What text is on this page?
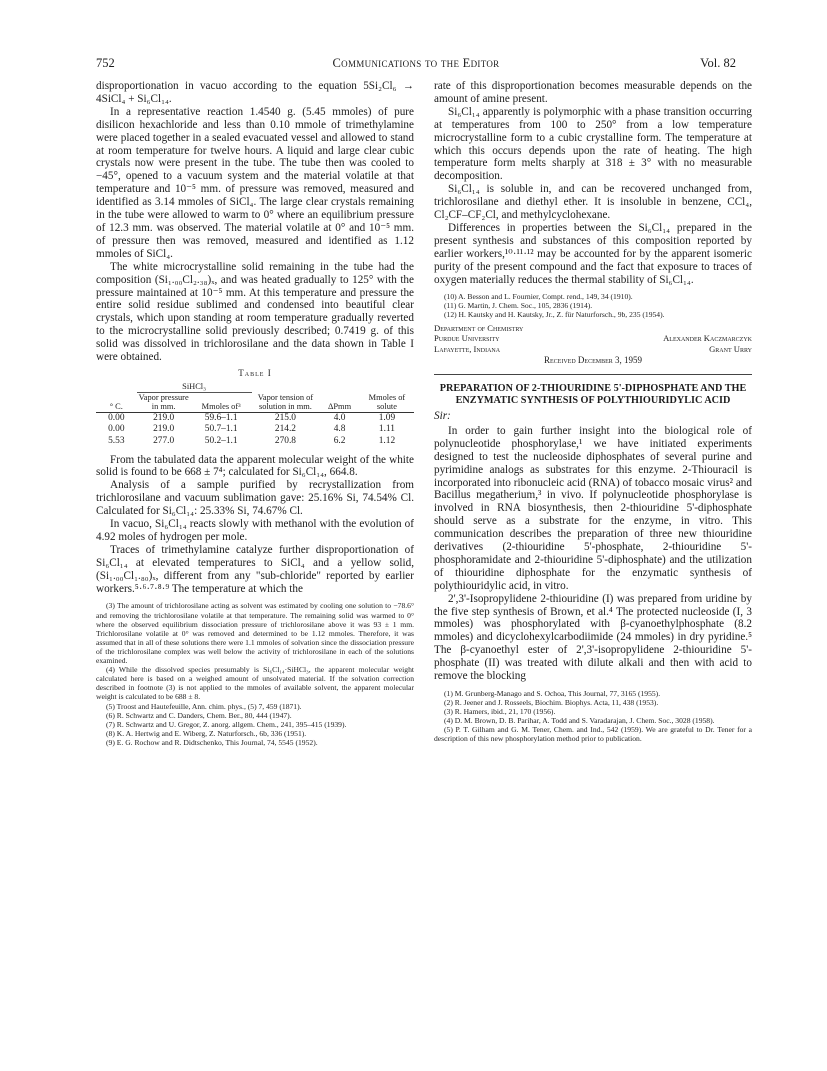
752	Communications to the Editor	Vol. 82

disproportionation in vacuo according to the equation 5Si₂Cl₆ → 4SiCl₄ + Si₆Cl₁₄.

In a representative reaction 1.4540 g. (5.45 mmoles) of pure disilicon hexachloride and less than 0.10 mmole of trimethylamine were placed together in a sealed evacuated vessel and allowed to stand at room temperature for twelve hours. A liquid and large clear cubic crystals now were present in the tube. The tube then was cooled to −45°, opened to a vacuum system and the material volatile at that temperature and 10⁻⁵ mm. of pressure was removed, measured and identified as 3.14 mmoles of SiCl₄. The large clear crystals remaining in the tube were allowed to warm to 0° where an equilibrium pressure of 12.3 mm. was observed. The material volatile at 0° and 10⁻⁵ mm. of pressure then was removed, measured and identified as 1.12 mmoles of SiCl₄.

The white microcrystalline solid remaining in the tube had the composition (Si₁.₀₀Cl₂.₃₈)ₓ, and was heated gradually to 125° with the pressure maintained at 10⁻⁵ mm. At this temperature and pressure the entire solid residue sublimed and condensed into beautiful clear crystals, which upon standing at room temperature gradually reverted to the microcrystalline solid previously described; 0.7419 g. of this solid was dissolved in trichlorosilane and the data shown in Table I were obtained.

Table I
	SiHCl₃				
° C.	Vapor pressure in mm.	Mmoles of³	Vapor tension of solution in mm.	ΔPmm	Mmoles of solute
0.00	219.0	59.6–1.1	215.0	4.0	1.09
0.00	219.0	50.7–1.1	214.2	4.8	1.11
5.53	277.0	50.2–1.1	270.8	6.2	1.12

From the tabulated data the apparent molecular weight of the white solid is found to be 668 ± 7⁴; calculated for Si₆Cl₁₄, 664.8.

Analysis of a sample purified by recrystallization from trichlorosilane and vacuum sublimation gave: 25.16% Si, 74.54% Cl. Calculated for Si₆Cl₁₄: 25.33% Si, 74.67% Cl.

In vacuo, Si₆Cl₁₄ reacts slowly with methanol with the evolution of 4.92 moles of hydrogen per mole.

Traces of trimethylamine catalyze further disproportionation of Si₆Cl₁₄ at elevated temperatures to SiCl₄ and a yellow solid, (Si₁.₀₀Cl₁.₈₀)ₓ, different from any "sub-chloride" reported by earlier workers.⁵·⁶·⁷·⁸·⁹ The temperature at which the

(3) The amount of trichlorosilane acting as solvent was estimated by cooling one solution to −78.6° and removing the trichlorosilane volatile at that temperature. The remaining solid was warmed to 0° where the observed equilibrium dissociation pressure of trichlorosilane above it was 93 ± 1 mm. Trichlorosilane volatile at 0° was removed and determined to be 1.12 mmoles. Therefore, it was assumed that in all of these solutions there were 1.1 mmoles of solvation since the dissociation pressure of the trichlorosilane complex was well below the activity of trichlorosilane in each of the solutions examined.
(4) While the dissolved species presumably is Si₆Cl₁₄·SiHCl₃, the apparent molecular weight calculated here is based on a weighed amount of unsolvated material. If the solvation correction described in footnote (3) is not applied to the mmoles of available solvent, the apparent molecular weight is calculated to be 688 ± 8.
(5) Troost and Hautefeuille, Ann. chim. phys., (5) 7, 459 (1871).
(6) R. Schwartz and C. Danders, Chem. Ber., 80, 444 (1947).
(7) R. Schwartz and U. Gregor, Z. anorg. allgem. Chem., 241, 395–415 (1939).
(8) K. A. Hertwig and E. Wiberg, Z. Naturforsch., 6b, 336 (1951).
(9) E. G. Rochow and R. Didtschenko, This Journal, 74, 5545 (1952).

rate of this disproportionation becomes measurable depends on the amount of amine present.

Si₆Cl₁₄ apparently is polymorphic with a phase transition occurring at temperatures from 100 to 250° from a low temperature microcrystalline form to a cubic crystalline form. The temperature at which this occurs depends upon the rate of heating. The high temperature form melts sharply at 318 ± 3° with no measurable decomposition.

Si₆Cl₁₄ is soluble in, and can be recovered unchanged from, trichlorosilane and diethyl ether. It is insoluble in benzene, CCl₄, Cl₂CF–CF₂Cl, and methylcyclohexane.

Differences in properties between the Si₆Cl₁₄ prepared in the present synthesis and substances of this composition reported by earlier workers,¹⁰·¹¹·¹² may be accounted for by the apparent isomeric purity of the present compound and the fact that exposure to traces of oxygen materially reduces the thermal stability of Si₆Cl₁₄.

(10) A. Besson and L. Fournier, Compt. rend., 149, 34 (1910).
(11) G. Martin, J. Chem. Soc., 105, 2836 (1914).
(12) H. Kautsky and H. Kautsky, Jr., Z. für Naturforsch., 9b, 235 (1954).
Department of Chemistry
Purdue University	Alexander Kaczmarczyk
Lafayette, Indiana	Grant Urry
Received December 3, 1959
PREPARATION OF 2-THIOURIDINE 5'-DIPHOSPHATE AND THE ENZYMATIC SYNTHESIS OF POLYTHIOURIDYLIC ACID
Sir:

In order to gain further insight into the biological role of polynucleotide phosphorylase,¹ we have initiated experiments designed to test the nucleoside diphosphates of several purine and pyrimidine analogs as substrates for this enzyme. 2-Thiouracil is incorporated into ribonucleic acid (RNA) of tobacco mosaic virus² and Bacillus megatherium,³ in vivo. If polynucleotide phosphorylase is involved in RNA biosynthesis, then 2-thiouridine 5'-diphosphate should serve as a substrate for the enzyme, in vitro. This communication describes the preparation of three new thiouridine derivatives (2-thiouridine 5'-phosphate, 2-thiouridine 5'-phosphoramidate and 2-thiouridine 5'-diphosphate) and the utilization of thiouridine diphosphate for the enzymatic synthesis of polythiouridylic acid, in vitro.

2',3'-Isopropylidene 2-thiouridine (I) was prepared from uridine by the five step synthesis of Brown, et al.⁴ The protected nucleoside (I, 3 mmoles) was phosphorylated with β-cyanoethylphosphate (8.2 mmoles) and dicyclohexylcarbodiimide (24 mmoles) in dry pyridine.⁵ The β-cyanoethyl ester of 2',3'-isopropylidene 2-thiouridine 5'-phosphate (II) was treated with dilute alkali and then with acid to remove the blocking

(1) M. Grunberg-Manago and S. Ochoa, This Journal, 77, 3165 (1955).
(2) R. Jeener and J. Rosseels, Biochim. Biophys. Acta, 11, 438 (1953).
(3) R. Hamers, ibid., 21, 170 (1956).
(4) D. M. Brown, D. B. Parihar, A. Todd and S. Varadarajan, J. Chem. Soc., 3028 (1958).
(5) P. T. Gilham and G. M. Tener, Chem. and Ind., 542 (1959). We are grateful to Dr. Tener for a description of this new phosphorylation method prior to publication.
